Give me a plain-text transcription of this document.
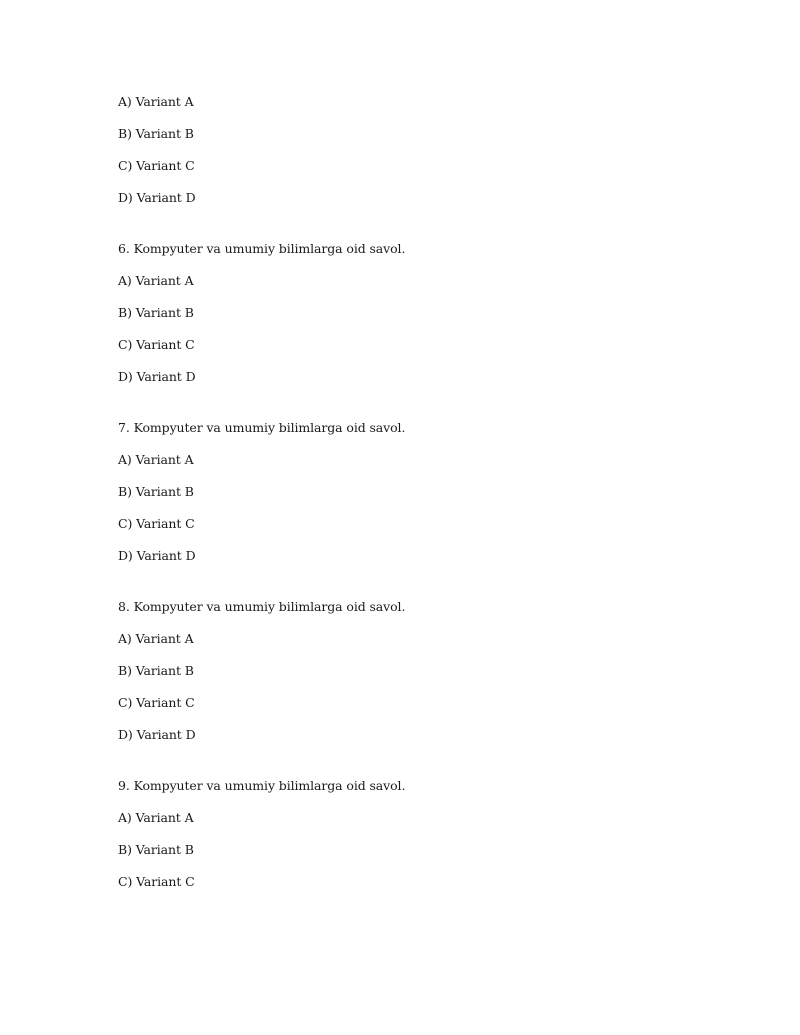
A) Variant A
B) Variant B
C) Variant C
D) Variant D
6. Kompyuter va umumiy bilimlarga oid savol.
A) Variant A
B) Variant B
C) Variant C
D) Variant D
7. Kompyuter va umumiy bilimlarga oid savol.
A) Variant A
B) Variant B
C) Variant C
D) Variant D
8. Kompyuter va umumiy bilimlarga oid savol.
A) Variant A
B) Variant B
C) Variant C
D) Variant D
9. Kompyuter va umumiy bilimlarga oid savol.
A) Variant A
B) Variant B
C) Variant C
